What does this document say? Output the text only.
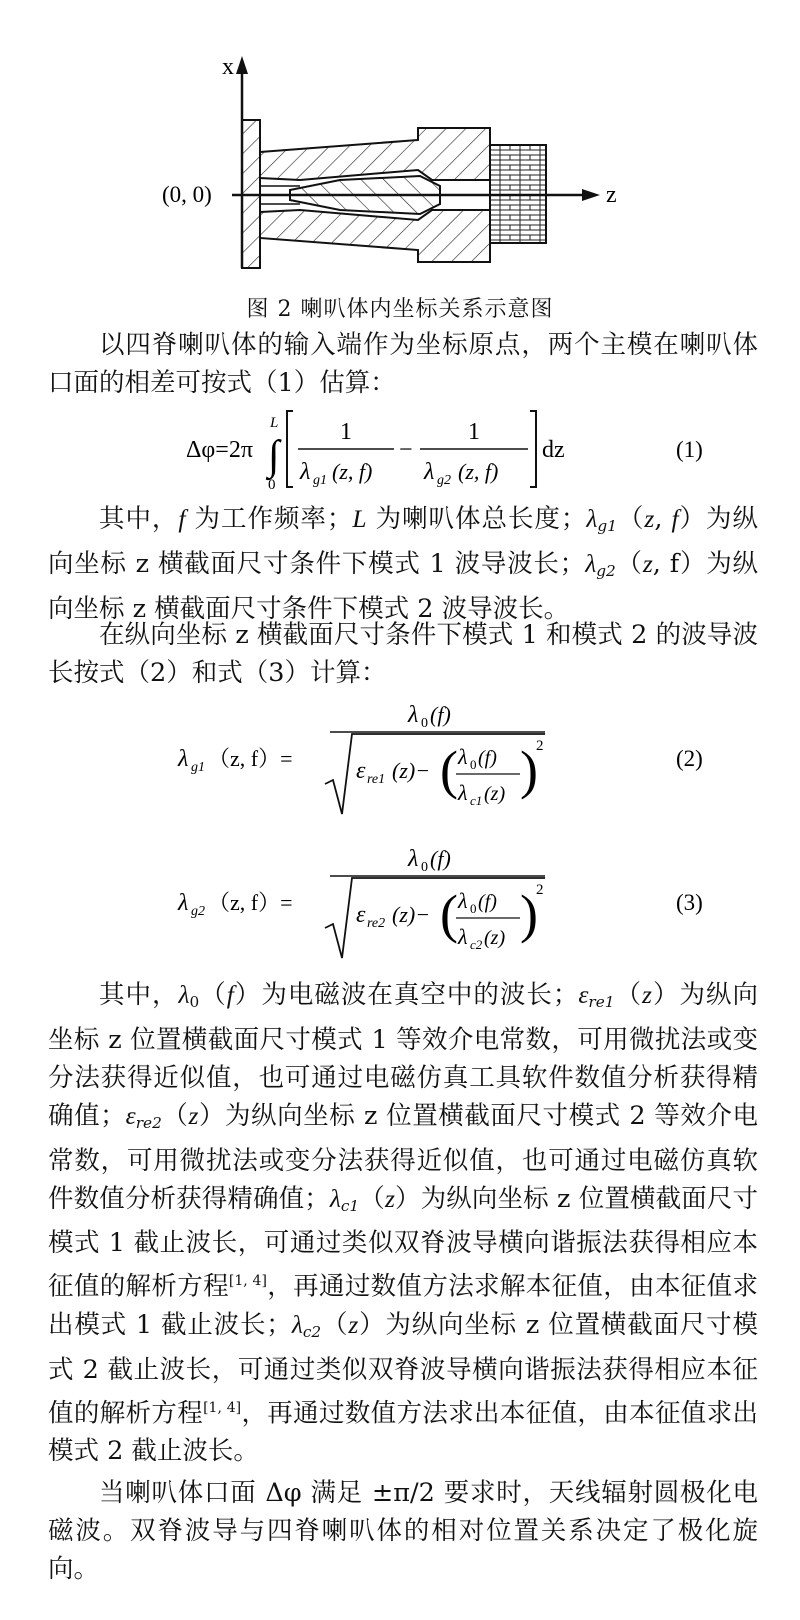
x
z
(0, 0)
图 2 喇叭体内坐标关系示意图

以四脊喇叭体的输入端作为坐标原点，两个主模在喇叭体口面的相差可按式（1）估算：

Δφ=2π ∫
L
0
1
λ g1 (z, f)
−
1
λ g2 (z, f)
dz	(1)

其中，f 为工作频率；L 为喇叭体总长度；$\lambda_{g1}(z$, f）为纵向坐标 z 横截面尺寸条件下模式 1 波导波长；$\lambda_{g2}(z$, f）为纵向坐标 z 横截面尺寸条件下模式 2 波导波长。

在纵向坐标 z 横截面尺寸条件下模式 1 和模式 2 的波导波长按式（2）和式（3）计算：

λ g1 （z, f）=
λ 0 (f)
ε re1 (z)− ( λ 0 (f)
λ c1 (z) )
2	(2)
λ g2 （z, f）=
λ 0 (f)
ε re2 (z)− ( λ 0 (f)
λ c2 (z) )
2	(3)

其中，$\lambda_0(f)$为电磁波在真空中的波长；$\varepsilon_{re1}(z)$为纵向坐标 z 位置横截面尺寸模式 1 等效介电常数，可用微扰法或变分法获得近似值，也可通过电磁仿真工具软件数值分析获得精确值；$\varepsilon_{re2}(z)$为纵向坐标 z 位置横截面尺寸模式 2 等效介电常数，可用微扰法或变分法获得近似值，也可通过电磁仿真软件数值分析获得精确值；$\lambda_{c1}(z)$为纵向坐标 z 位置横截面尺寸模式 1 截止波长，可通过类似双脊波导横向谐振法获得相应本征值的解析方程[1, 4]，再通过数值方法求解本征值，由本征值求出模式 1 截止波长；$\lambda_{c2}(z)$为纵向坐标 z 位置横截面尺寸模式 2 截止波长，可通过类似双脊波导横向谐振法获得相应本征值的解析方程[1, 4]，再通过数值方法求出本征值，由本征值求出模式 2 截止波长。

当喇叭体口面 Δφ 满足 ±π/2 要求时，天线辐射圆极化电磁波。双脊波导与四脊喇叭体的相对位置关系决定了极化旋向。
